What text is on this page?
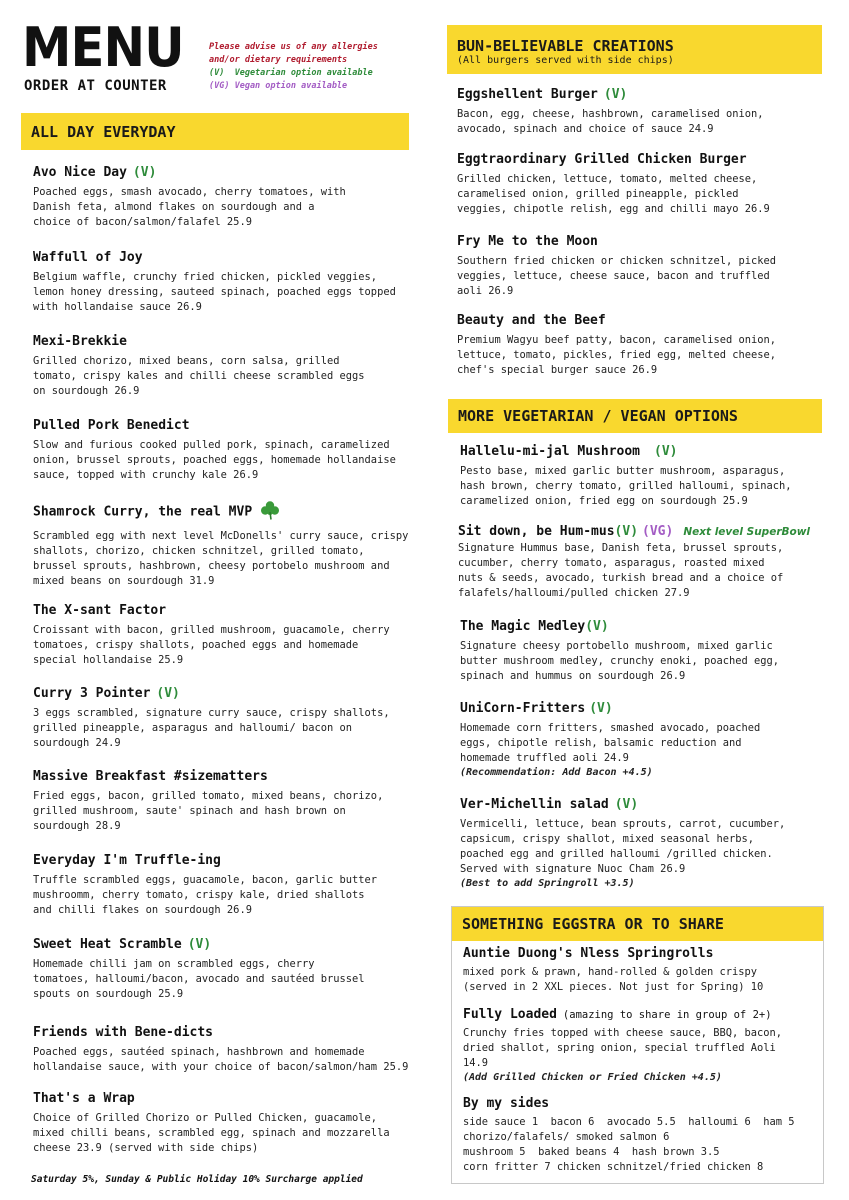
MENU
ORDER AT COUNTER
Please advise us of any allergies
and/or dietary requirements
(V)  Vegetarian option available
(VG) Vegan option available
ALL DAY EVERYDAY
Avo Nice Day (V)
Poached eggs, smash avocado, cherry tomatoes, with
Danish feta, almond flakes on sourdough and a
choice of bacon/salmon/falafel 25.9
Waffull of Joy
Belgium waffle, crunchy fried chicken, pickled veggies,
lemon honey dressing, sauteed spinach, poached eggs topped
with hollandaise sauce 26.9
Mexi-Brekkie
Grilled chorizo, mixed beans, corn salsa, grilled
tomato, crispy kales and chilli cheese scrambled eggs
on sourdough 26.9
Pulled Pork Benedict
Slow and furious cooked pulled pork, spinach, caramelized
onion, brussel sprouts, poached eggs, homemade hollandaise
sauce, topped with crunchy kale 26.9
Shamrock Curry, the real MVP
Scrambled egg with next level McDonells' curry sauce, crispy
shallots, chorizo, chicken schnitzel, grilled tomato,
brussel sprouts, hashbrown, cheesy portobelo mushroom and
mixed beans on sourdough 31.9
The X-sant Factor
Croissant with bacon, grilled mushroom, guacamole, cherry
tomatoes, crispy shallots, poached eggs and homemade
special hollandaise 25.9
Curry 3 Pointer (V)
3 eggs scrambled, signature curry sauce, crispy shallots,
grilled pineapple, asparagus and halloumi/ bacon on
sourdough 24.9
Massive Breakfast #sizematters
Fried eggs, bacon, grilled tomato, mixed beans, chorizo,
grilled mushroom, saute' spinach and hash brown on
sourdough 28.9
Everyday I'm Truffle-ing
Truffle scrambled eggs, guacamole, bacon, garlic butter
mushroomm, cherry tomato, crispy kale, dried shallots
and chilli flakes on sourdough 26.9
Sweet Heat Scramble (V)
Homemade chilli jam on scrambled eggs, cherry
tomatoes, halloumi/bacon, avocado and sautéed brussel
spouts on sourdough 25.9
Friends with Bene-dicts
Poached eggs, sautéed spinach, hashbrown and homemade
hollandaise sauce, with your choice of bacon/salmon/ham 25.9
That's a Wrap
Choice of Grilled Chorizo or Pulled Chicken, guacamole,
mixed chilli beans, scrambled egg, spinach and mozzarella
cheese 23.9 (served with side chips)
Saturday 5%, Sunday & Public Holiday 10% Surcharge applied
BUN-BELIEVABLE CREATIONS
(All burgers served with side chips)
Eggshellent Burger (V)
Bacon, egg, cheese, hashbrown, caramelised onion,
avocado, spinach and choice of sauce 24.9
Eggtraordinary Grilled Chicken Burger
Grilled chicken, lettuce, tomato, melted cheese,
caramelised onion, grilled pineapple, pickled
veggies, chipotle relish, egg and chilli mayo 26.9
Fry Me to the Moon
Southern fried chicken or chicken schnitzel, picked
veggies, lettuce, cheese sauce, bacon and truffled
aoli 26.9
Beauty and the Beef
Premium Wagyu beef patty, bacon, caramelised onion,
lettuce, tomato, pickles, fried egg, melted cheese,
chef's special burger sauce 26.9
MORE VEGETARIAN / VEGAN OPTIONS
Hallelu-mi-jal Mushroom (V)
Pesto base, mixed garlic butter mushroom, asparagus,
hash brown, cherry tomato, grilled halloumi, spinach,
caramelized onion, fried egg on sourdough 25.9
Sit down, be Hum-mus(V) (VG) Next level SuperBowl
Signature Hummus base, Danish feta, brussel sprouts,
cucumber, cherry tomato, asparagus, roasted mixed
nuts & seeds, avocado, turkish bread and a choice of
falafels/halloumi/pulled chicken 27.9
The Magic Medley(V)
Signature cheesy portobello mushroom, mixed garlic
butter mushroom medley, crunchy enoki, poached egg,
spinach and hummus on sourdough 26.9
UniCorn-Fritters (V)
Homemade corn fritters, smashed avocado, poached
eggs, chipotle relish, balsamic reduction and
homemade truffled aoli 24.9
(Recommendation: Add Bacon +4.5)
Ver-Michellin salad (V)
Vermicelli, lettuce, bean sprouts, carrot, cucumber,
capsicum, crispy shallot, mixed seasonal herbs,
poached egg and grilled halloumi /grilled chicken.
Served with signature Nuoc Cham 26.9
(Best to add Springroll +3.5)
SOMETHING EGGSTRA OR TO SHARE
Auntie Duong's Nless Springrolls
mixed pork & prawn, hand-rolled & golden crispy
(served in 2 XXL pieces. Not just for Spring) 10
Fully Loaded (amazing to share in group of 2+)
Crunchy fries topped with cheese sauce, BBQ, bacon,
dried shallot, spring onion, special truffled Aoli
14.9
(Add Grilled Chicken or Fried Chicken +4.5)
By my sides
side sauce 1  bacon 6  avocado 5.5  halloumi 6  ham 5
chorizo/falafels/ smoked salmon 6
mushroom 5  baked beans 4  hash brown 3.5
corn fritter 7 chicken schnitzel/fried chicken 8
